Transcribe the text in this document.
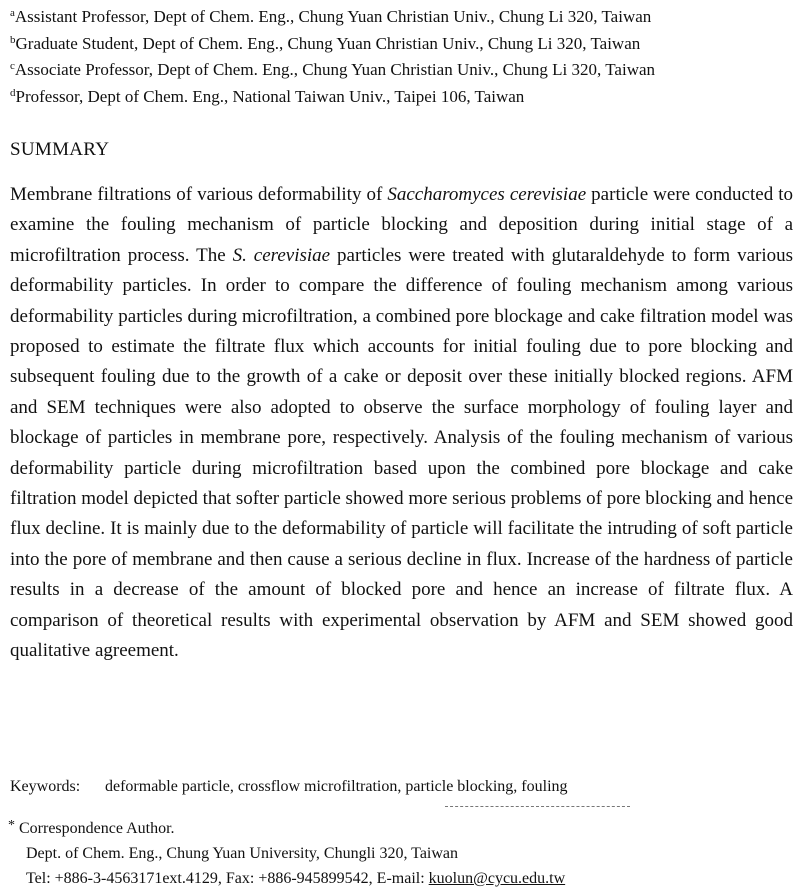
$^a$Assistant Professor, Dept of Chem. Eng., Chung Yuan Christian Univ., Chung Li 320, Taiwan
$^b$Graduate Student, Dept of Chem. Eng., Chung Yuan Christian Univ., Chung Li 320, Taiwan
$^c$Associate Professor, Dept of Chem. Eng., Chung Yuan Christian Univ., Chung Li 320, Taiwan
$^d$Professor, Dept of Chem. Eng., National Taiwan Univ., Taipei 106, Taiwan
SUMMARY
Membrane filtrations of various deformability of Saccharomyces cerevisiae particle were conducted to examine the fouling mechanism of particle blocking and deposition during initial stage of a microfiltration process. The S. cerevisiae particles were treated with glutaraldehyde to form various deformability particles. In order to compare the difference of fouling mechanism among various deformability particles during microfiltration, a combined pore blockage and cake filtration model was proposed to estimate the filtrate flux which accounts for initial fouling due to pore blocking and subsequent fouling due to the growth of a cake or deposit over these initially blocked regions. AFM and SEM techniques were also adopted to observe the surface morphology of fouling layer and blockage of particles in membrane pore, respectively. Analysis of the fouling mechanism of various deformability particle during microfiltration based upon the combined pore blockage and cake filtration model depicted that softer particle showed more serious problems of pore blocking and hence flux decline. It is mainly due to the deformability of particle will facilitate the intruding of soft particle into the pore of membrane and then cause a serious decline in flux. Increase of the hardness of particle results in a decrease of the amount of blocked pore and hence an increase of filtrate flux. A comparison of theoretical results with experimental observation by AFM and SEM showed good qualitative agreement.
Keywords: deformable particle, crossflow microfiltration, particle blocking, fouling
* Correspondence Author.
Dept. of Chem. Eng., Chung Yuan University, Chungli 320, Taiwan
Tel: +886-3-4563171ext.4129, Fax: +886-945899542, E-mail: kuolun@cycu.edu.tw
